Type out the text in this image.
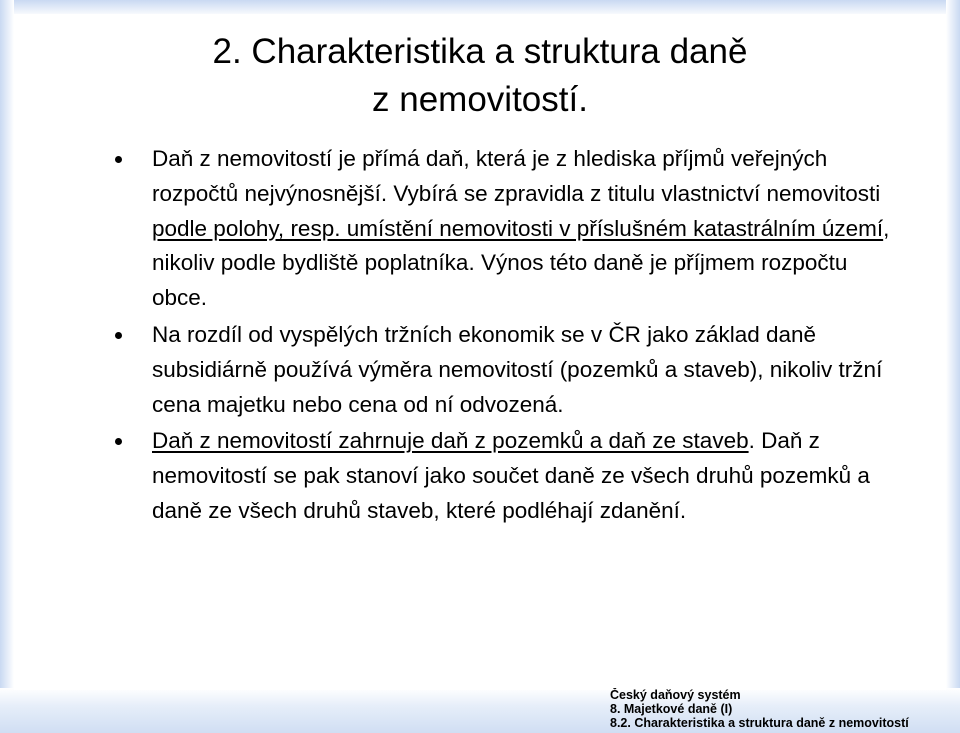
2. Charakteristika a struktura daně
z nemovitostí.
Daň z nemovitostí je přímá daň, která je z hlediska příjmů veřejných rozpočtů nejvýnosnější. Vybírá se zpravidla z titulu vlastnictví nemovitosti podle polohy, resp. umístění nemovitosti v příslušném katastrálním území, nikoliv podle bydliště poplatníka. Výnos této daně je příjmem rozpočtu obce.
Na rozdíl od vyspělých tržních ekonomik se v ČR jako základ daně subsidiárně používá výměra nemovitostí (pozemků a staveb), nikoliv tržní cena majetku nebo cena od ní odvozená.
Daň z nemovitostí zahrnuje daň z pozemků a daň ze staveb. Daň z nemovitostí se pak stanoví jako součet daně ze všech druhů pozemků a daně ze všech druhů staveb, které podléhají zdanění.
Český daňový systém
8. Majetkové daně (I)
8.2. Charakteristika a struktura daně z nemovitostí
